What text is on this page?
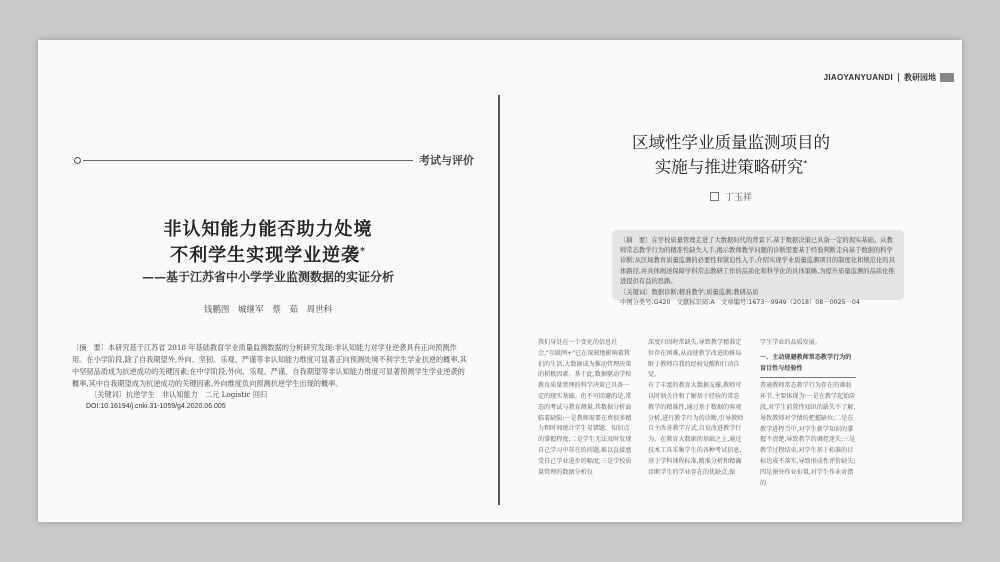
考试与评价
非认知能力能否助力处境
不利学生实现学业逆袭*
——基于江苏省中小学学业监测数据的实证分析
钱鹏图 城继军 蔡 茹 周世科
〔摘　要〕本研究基于江苏省 2018 年基础教育学业质量监测数据的分析研究发现:非认知能力对学业逆袭具有正向预测作用。在小学阶段,除了自我期望外,外向、坚韧、乐观、严谨等非认知能力维度可显著正向预测处境不利学生学业抗逆的概率,其中坚韧品质成为抗逆成功的关键因素;在中学阶段,外向、乐观、严谨、自我期望等非认知能力维度可显著预测学生学业逆袭的概率,其中自我期望成为抗逆成功的关键因素,外向维度负向预测抗逆学生出现的概率。
〔关键词〕抗逆学生　非认知能力　二元 Logistic 回归
DOI:10.16194/j.cnki.31-1059/g4.2020.06.005
JIAOYANYUANDI 教研园地
区域性学业质量监测项目的
实施与推进策略研究*
丁玉祥
〔摘　要〕在学校质量管理走进了大数据时代的背景下,基于数据决策已具备一定的现实基础。从教师常态教学行为的精准性缺失入手,揭示教师教学问题的诊断需要基于经验判断走向基于数据的科学诊断;从区域教育质量监测的必要性和紧迫性入手,介绍实现学业质量监测项目的制度化和规范化的具体路径,并具体阐述保障学科常态教研工作的品质化和科学化的具体策略,为提升质量监测的品质化推进提供有益的思路。
〔关键词〕数据诊断;精准教学;质量监测;教研品质
中图分类号:G420　文献标识码:A　文章编号:1673－9949（2018）08－0025－04
我们身处在一个变化的信息社会,"互联网+"已在深刻地影响着我们的生活,大数据成为推动管理决策的积极因素。基于此,数据驱动学校教育质量管理的科学决策已具备一定的现实基础。但不可回避的是,常态的考试与教育测量,其数据分析面临着缺陷:一是教师需要在费很多精力和时间统计学生易错题、知识点的掌握程度;二是学生无法及时发现自己学习中存在的问题,难以直接感受自己学业进步的幅度;三是学校质量管理的数据分析仅
深度归因时常缺失,导致教学精准定位存在困难,从而使教学改进助推局限于教师自我的经验觉醒和行动自觉。
有了丰富的教育大数据支撑,教师可以时刻关注和了解基于经验的常态教学的精准性,通过基于数据的客观分析,进行教学行为的诊断,引导教师自主改善教学方式,自觉改进教学行为。在教育大数据的基础之上,通过技术工具采集学生的各种考试信息,基于学科课程标准,精准分析和精确诊断学生的学业存在的优缺点,保
学生学业的品质发展。
一、主动规避教师常态教学行为的盲目性与经验性
普通教师常态教学行为存在的薄弱环节,主要体现为:一是在教学起始阶段,对学生前置性知识的缺失不了解,导致教师对学情的把握缺位;二是在教学进程当中,对学生新学知识的掌握不清楚,导致教学的调控迷失;三是教学过程结束,对学生基于标准的目标达成不落实,导致形成性评价缺失;四是课外作业布置,对学生作业对错的
